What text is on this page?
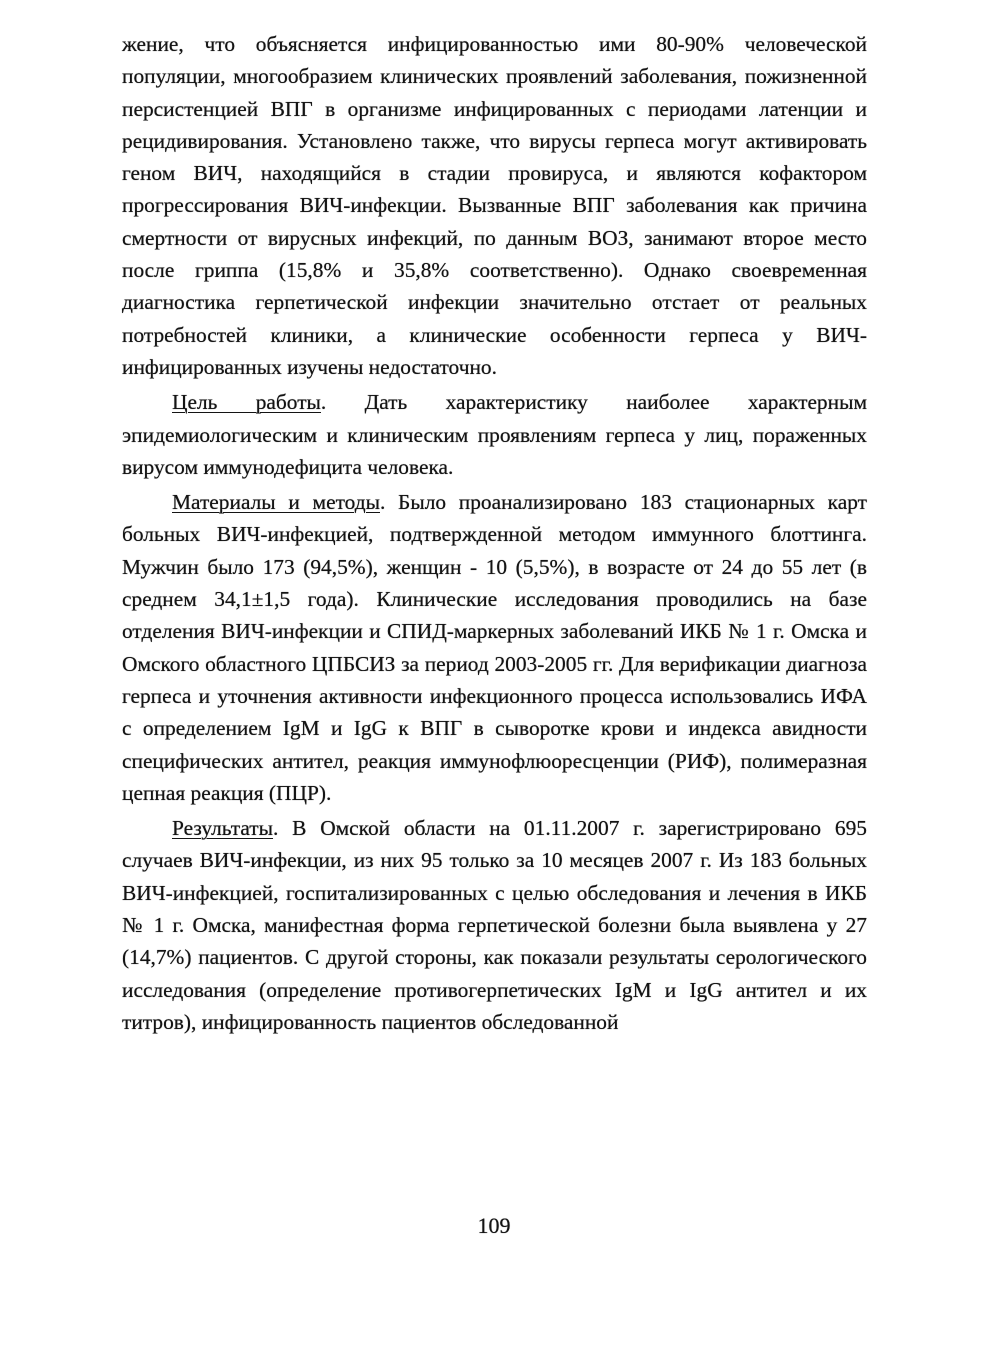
жение, что объясняется инфицированностью ими 80-90% человеческой популяции, многообразием клинических проявлений заболевания, пожизненной персистенцией ВПГ в организме инфицированных с периодами латенции и рецидивирования. Установлено также, что вирусы герпеса могут активировать геном ВИЧ, находящийся в стадии провируса, и являются кофактором прогрессирования ВИЧ-инфекции. Вызванные ВПГ заболевания как причина смертности от вирусных инфекций, по данным ВОЗ, занимают второе место после гриппа (15,8% и 35,8% соответственно). Однако своевременная диагностика герпетической инфекции значительно отстает от реальных потребностей клиники, а клинические особенности герпеса у ВИЧ-инфицированных изучены недостаточно.

Цель работы. Дать характеристику наиболее характерным эпидемиологическим и клиническим проявлениям герпеса у лиц, пораженных вирусом иммунодефицита человека.

Материалы и методы. Было проанализировано 183 стационарных карт больных ВИЧ-инфекцией, подтвержденной методом иммунного блоттинга. Мужчин было 173 (94,5%), женщин - 10 (5,5%), в возрасте от 24 до 55 лет (в среднем 34,1±1,5 года). Клинические исследования проводились на базе отделения ВИЧ-инфекции и СПИД-маркерных заболеваний ИКБ № 1 г. Омска и Омского областного ЦПБСИЗ за период 2003-2005 гг. Для верификации диагноза герпеса и уточнения активности инфекционного процесса использовались ИФА с определением IgM и IgG к ВПГ в сыворотке крови и индекса авидности специфических антител, реакция иммунофлюоресценции (РИФ), полимеразная цепная реакция (ПЦР).

Результаты. В Омской области на 01.11.2007 г. зарегистрировано 695 случаев ВИЧ-инфекции, из них 95 только за 10 месяцев 2007 г. Из 183 больных ВИЧ-инфекцией, госпитализированных с целью обследования и лечения в ИКБ № 1 г. Омска, манифестная форма герпетической болезни была выявлена у 27 (14,7%) пациентов. С другой стороны, как показали результаты серологического исследования (определение противогерпетических IgM и IgG антител и их титров), инфицированность пациентов обследованной

109
